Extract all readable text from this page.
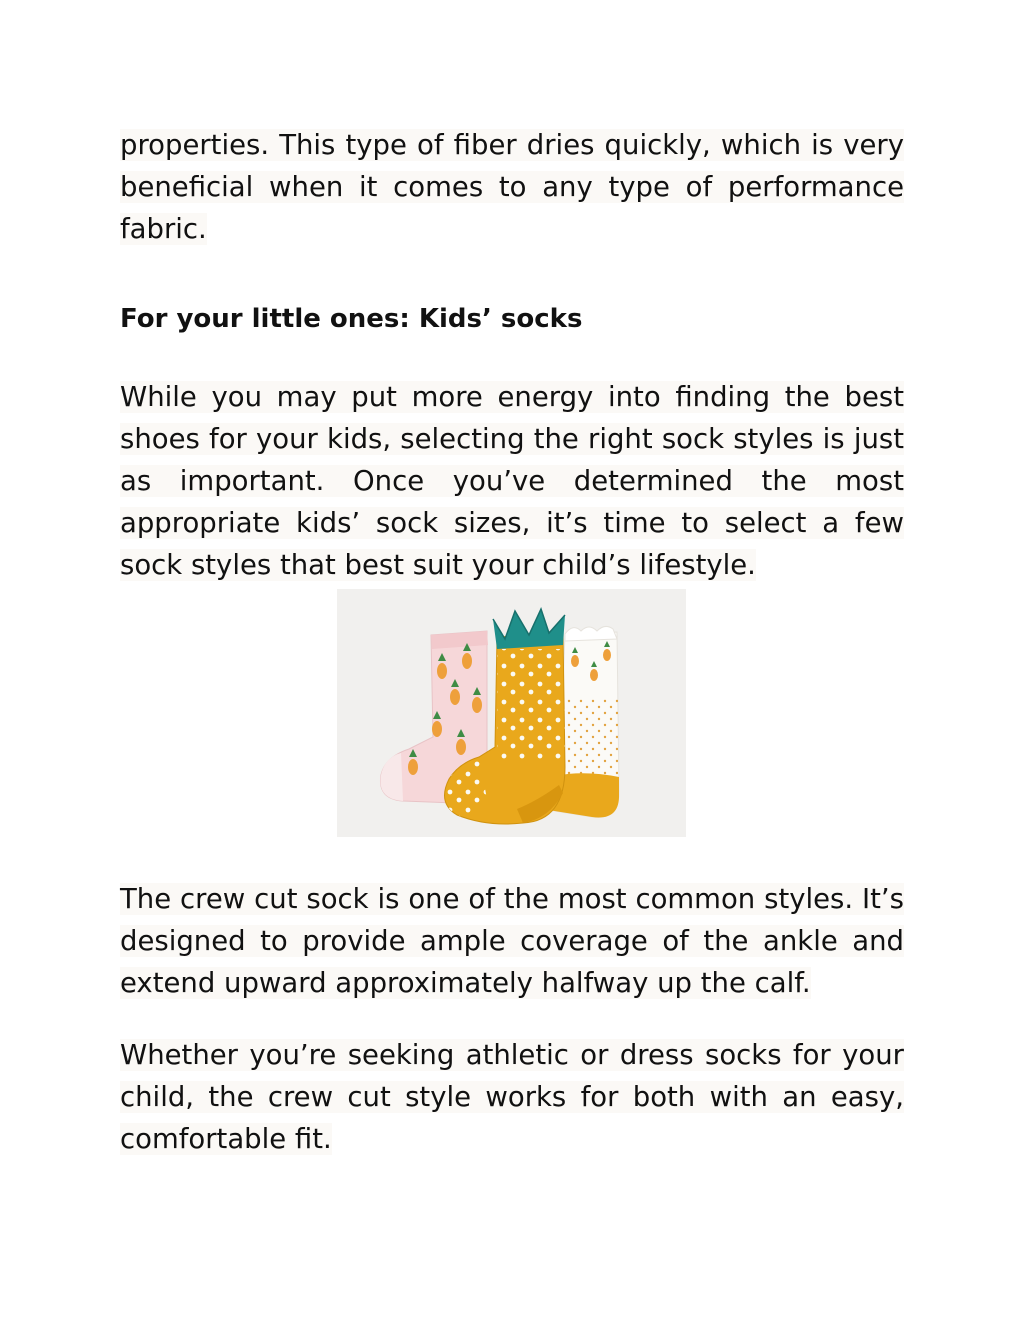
properties. This type of fiber dries quickly, which is very beneficial when it comes to any type of performance fabric.

For your little ones: Kids’ socks

While you may put more energy into finding the best shoes for your kids, selecting the right sock styles is just as important. Once you’ve determined the most appropriate kids’ sock sizes, it’s time to select a few sock styles that best suit your child’s lifestyle.

The crew cut sock is one of the most common styles. It’s designed to provide ample coverage of the ankle and extend upward approximately halfway up the calf.

Whether you’re seeking athletic or dress socks for your child, the crew cut style works for both with an easy, comfortable fit.
